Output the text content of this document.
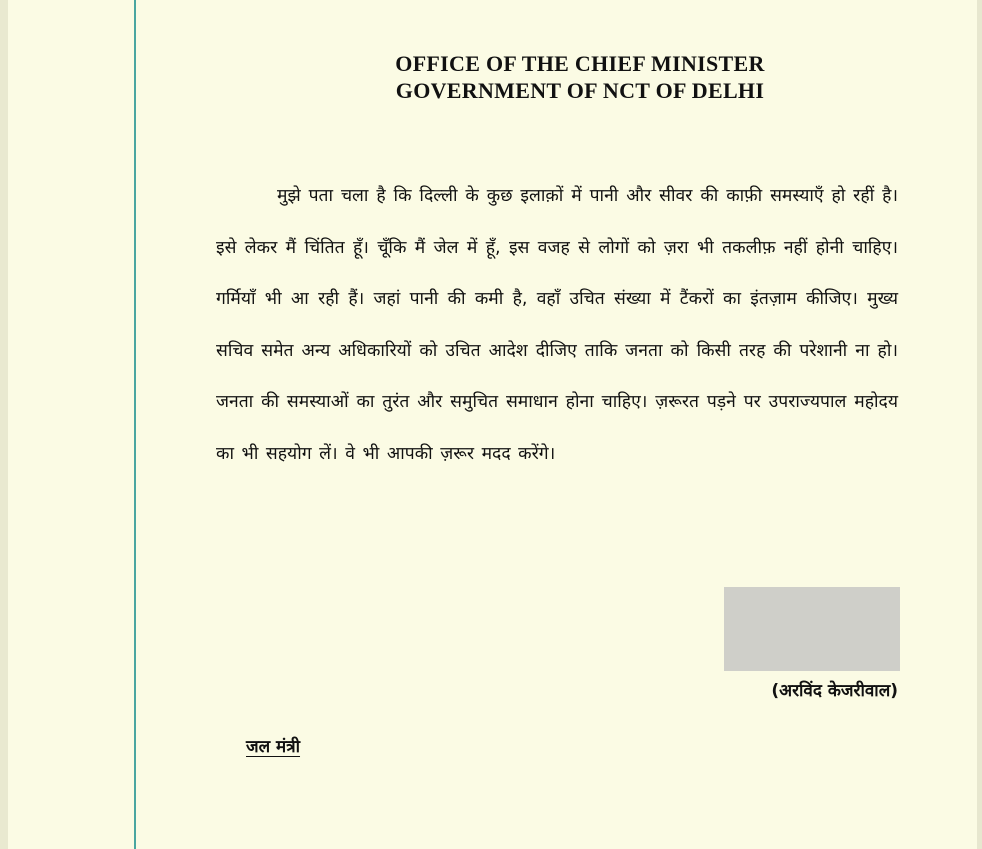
OFFICE OF THE CHIEF MINISTER
GOVERNMENT OF NCT OF DELHI

मुझे पता चला है कि दिल्ली के कुछ इलाक़ों में पानी और सीवर की काफ़ी समस्याएँ हो रहीं है। इसे लेकर मैं चिंतित हूँ। चूँकि मैं जेल में हूँ, इस वजह से लोगों को ज़रा भी तकलीफ़ नहीं होनी चाहिए। गर्मियाँ भी आ रही हैं। जहां पानी की कमी है, वहाँ उचित संख्या में टैंकरों का इंतज़ाम कीजिए। मुख्य सचिव समेत अन्य अधिकारियों को उचित आदेश दीजिए ताकि जनता को किसी तरह की परेशानी ना हो। जनता की समस्याओं का तुरंत और समुचित समाधान होना चाहिए। ज़रूरत पड़ने पर उपराज्यपाल महोदय का भी सहयोग लें। वे भी आपकी ज़रूर मदद करेंगे।

(अरविंद केजरीवाल)
जल मंत्री
